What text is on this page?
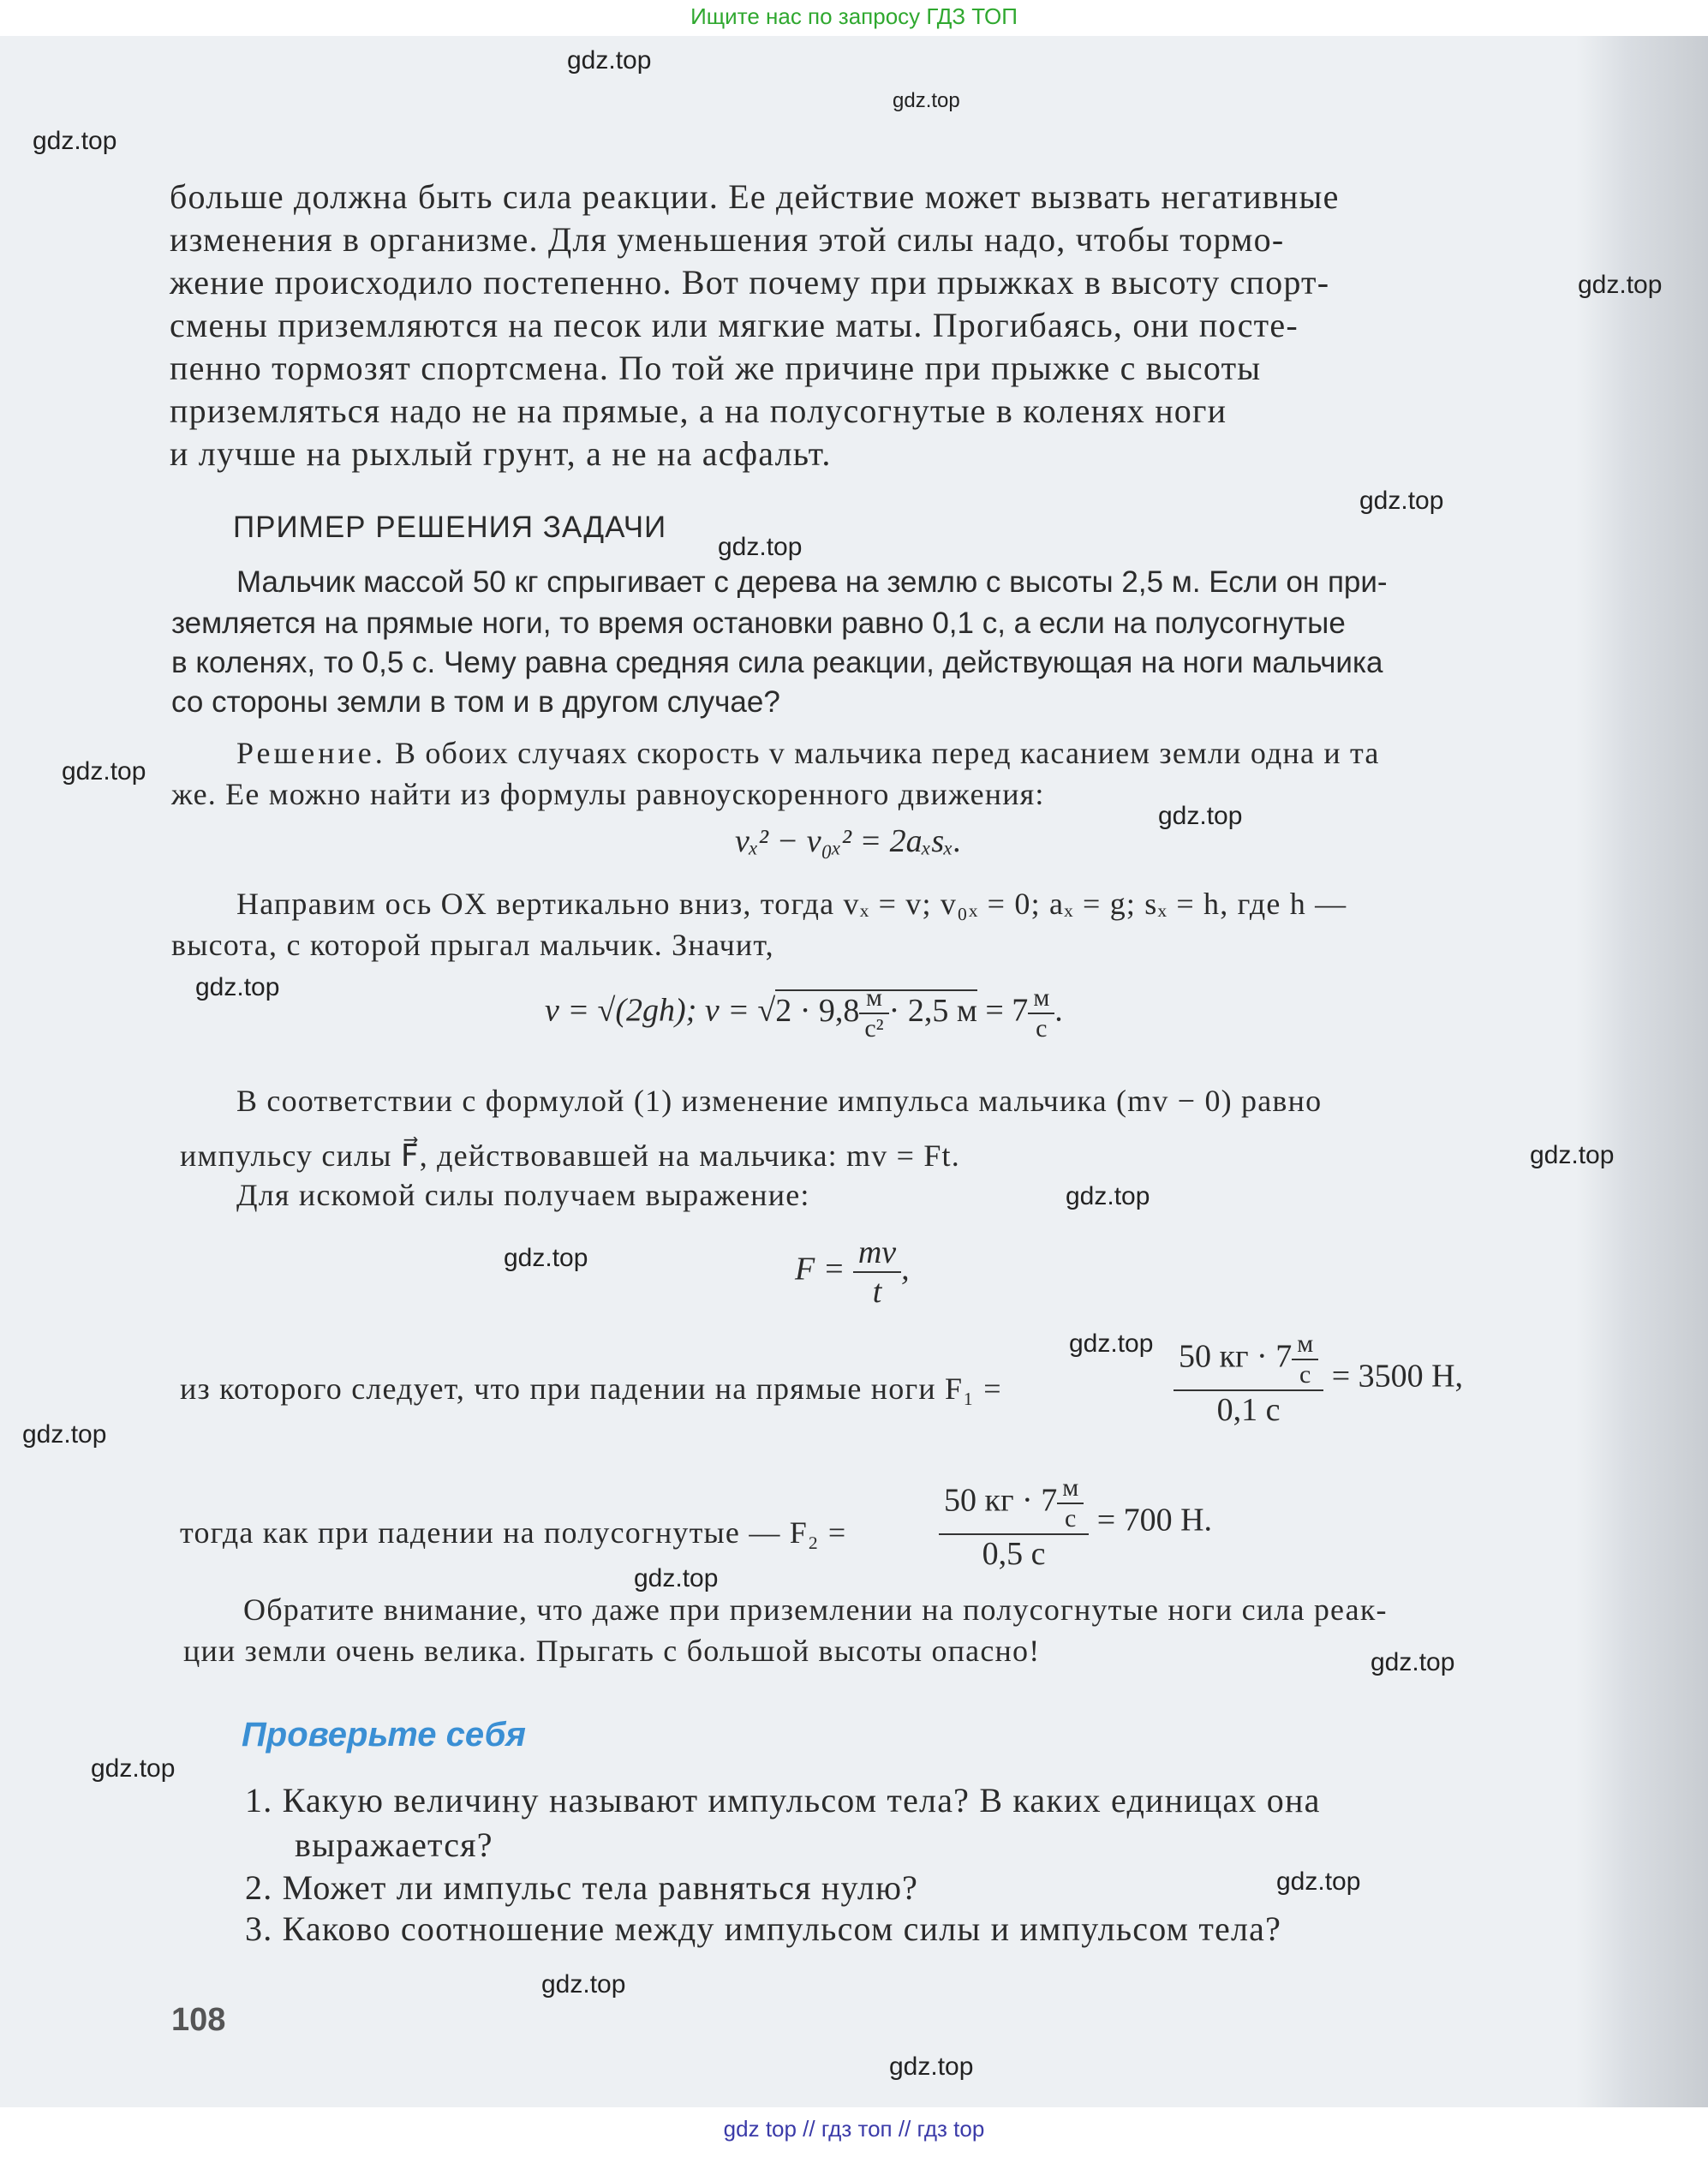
Ищите нас по запросу ГДЗ ТОП
gdz.top
gdz.top
gdz.top
gdz.top
gdz.top
gdz.top
gdz.top
gdz.top
gdz.top
gdz.top
gdz.top
gdz.top
gdz.top
gdz.top
gdz.top
gdz.top
gdz.top
gdz.top
gdz.top
gdz.top
больше должна быть сила реакции. Ее действие может вызвать негативные
изменения в организме. Для уменьшения этой силы надо, чтобы тормо-
жение происходило постепенно. Вот почему при прыжках в высоту спорт-
смены приземляются на песок или мягкие маты. Прогибаясь, они посте-
пенно тормозят спортсмена. По той же причине при прыжке с высоты
приземляться надо не на прямые, а на полусогнутые в коленях ноги
и лучше на рыхлый грунт, а не на асфальт.
ПРИМЕР РЕШЕНИЯ ЗАДАЧИ
Мальчик массой 50 кг спрыгивает с дерева на землю с высоты 2,5 м. Если он при-
земляется на прямые ноги, то время остановки равно 0,1 с, а если на полусогнутые
в коленях, то 0,5 с. Чему равна средняя сила реакции, действующая на ноги мальчика
со стороны земли в том и в другом случае?
Решение. В обоих случаях скорость v мальчика перед касанием земли одна и та
же. Ее можно найти из формулы равноускоренного движения:
vₓ² − v₀ₓ² = 2aₓsₓ.
Направим ось OX вертикально вниз, тогда vₓ = v; v₀ₓ = 0; aₓ = g; sₓ = h, где h —
высота, с которой прыгал мальчик. Значит,
v = √(2gh); $v = √2 \cdot 9,8 \frac{м}{\text{с²}} \cdot 2,5$ $м = 7 \frac{м}{с}$ .
В соответствии с формулой (1) изменение импульса мальчика (mv − 0) равно
импульсу силы F⃗, действовавшей на мальчика: mv = Ft.
Для искомой силы получаем выражение:
$F = \frac{mv}{t}$ ,
из которого следует, что при падении на прямые ноги F₁ =	$\frac{50 кг \cdot 7 \frac{м}{с}}{0,1 с} = 3500$ Н,
тогда как при падении на полусогнутые — F₂ =	$\frac{50 кг \cdot 7 \frac{м}{с}}{0,5 с} = 700$ Н.
Обратите внимание, что даже при приземлении на полусогнутые ноги сила реак-
ции земли очень велика. Прыгать с большой высоты опасно!
Проверьте себя
1. Какую величину называют импульсом тела? В каких единицах она
выражается?
2. Может ли импульс тела равняться нулю?
3. Каково соотношение между импульсом силы и импульсом тела?
108
gdz top // гдз топ // гдз top
